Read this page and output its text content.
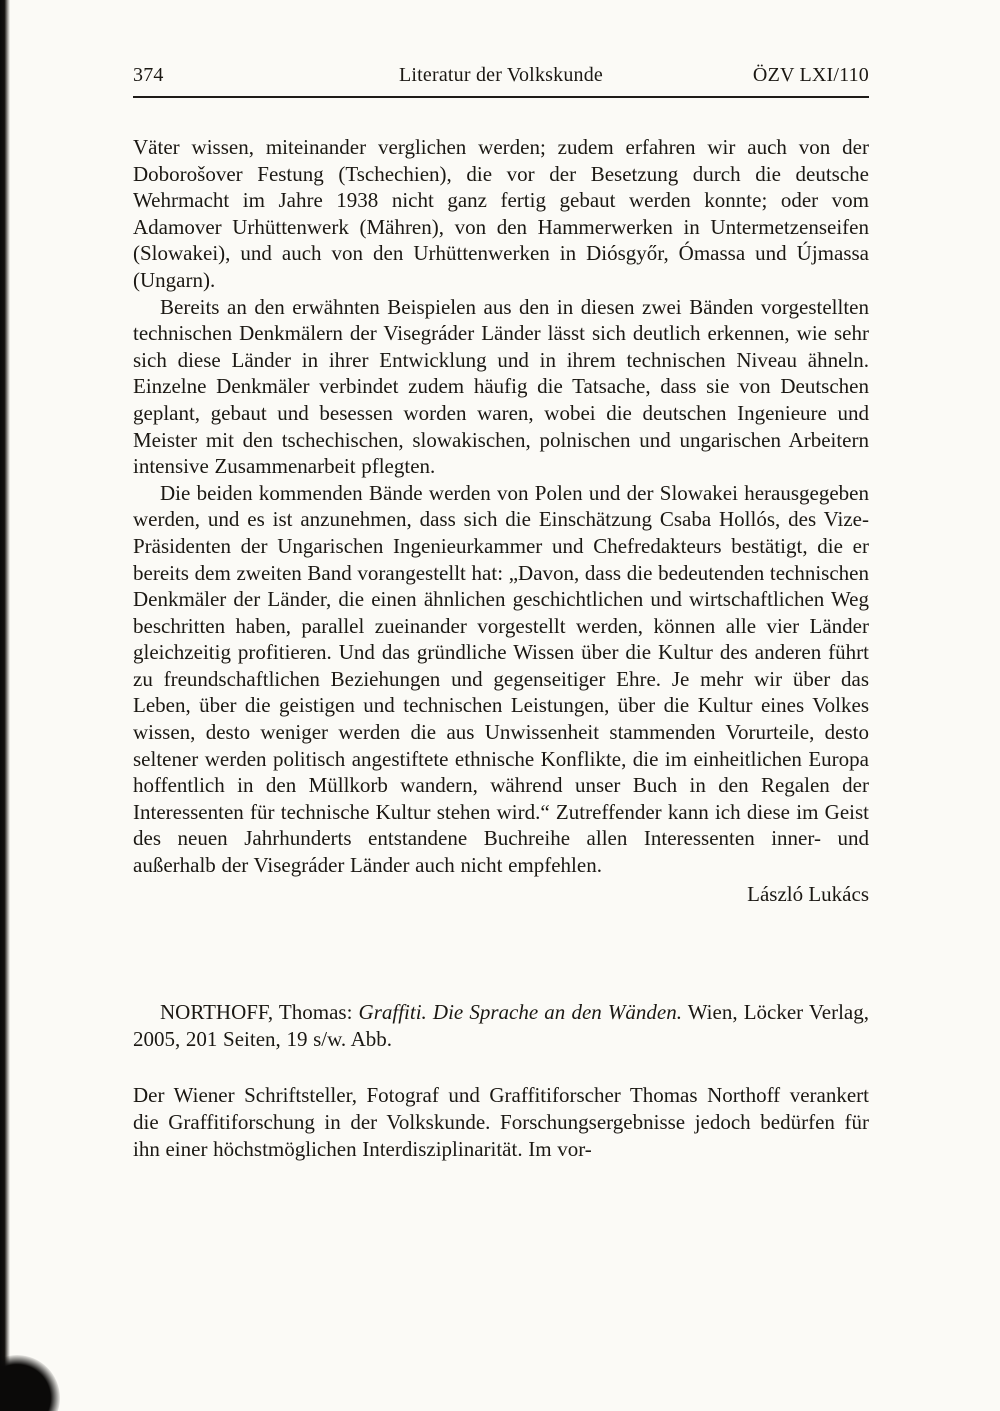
374	Literatur der Volkskunde	ÖZV LXI/110

Väter wissen, miteinander verglichen werden; zudem erfahren wir auch von der Doborošover Festung (Tschechien), die vor der Besetzung durch die deutsche Wehrmacht im Jahre 1938 nicht ganz fertig gebaut werden konnte; oder vom Adamover Urhüttenwerk (Mähren), von den Hammerwerken in Untermetzenseifen (Slowakei), und auch von den Urhüttenwerken in Diósgyőr, Ómassa und Újmassa (Ungarn).

Bereits an den erwähnten Beispielen aus den in diesen zwei Bänden vorgestellten technischen Denkmälern der Visegráder Länder lässt sich deutlich erkennen, wie sehr sich diese Länder in ihrer Entwicklung und in ihrem technischen Niveau ähneln. Einzelne Denkmäler verbindet zudem häufig die Tatsache, dass sie von Deutschen geplant, gebaut und besessen worden waren, wobei die deutschen Ingenieure und Meister mit den tschechischen, slowakischen, polnischen und ungarischen Arbeitern intensive Zusammenarbeit pflegten.

Die beiden kommenden Bände werden von Polen und der Slowakei herausgegeben werden, und es ist anzunehmen, dass sich die Einschätzung Csaba Hollós, des Vize-Präsidenten der Ungarischen Ingenieurkammer und Chefredakteurs bestätigt, die er bereits dem zweiten Band vorangestellt hat: „Davon, dass die bedeutenden technischen Denkmäler der Länder, die einen ähnlichen geschichtlichen und wirtschaftlichen Weg beschritten haben, parallel zueinander vorgestellt werden, können alle vier Länder gleichzeitig profitieren. Und das gründliche Wissen über die Kultur des anderen führt zu freundschaftlichen Beziehungen und gegenseitiger Ehre. Je mehr wir über das Leben, über die geistigen und technischen Leistungen, über die Kultur eines Volkes wissen, desto weniger werden die aus Unwissenheit stammenden Vorurteile, desto seltener werden politisch angestiftete ethnische Konflikte, die im einheitlichen Europa hoffentlich in den Müllkorb wandern, während unser Buch in den Regalen der Interessenten für technische Kultur stehen wird.“ Zutreffender kann ich diese im Geist des neuen Jahrhunderts entstandene Buchreihe allen Interessenten inner- und außerhalb der Visegráder Länder auch nicht empfehlen.

László Lukács

NORTHOFF, Thomas: Graffiti. Die Sprache an den Wänden. Wien, Löcker Verlag, 2005, 201 Seiten, 19 s/w. Abb.

Der Wiener Schriftsteller, Fotograf und Graffitiforscher Thomas Northoff verankert die Graffitiforschung in der Volkskunde. Forschungsergebnisse jedoch bedürfen für ihn einer höchstmöglichen Interdisziplinarität. Im vor-
